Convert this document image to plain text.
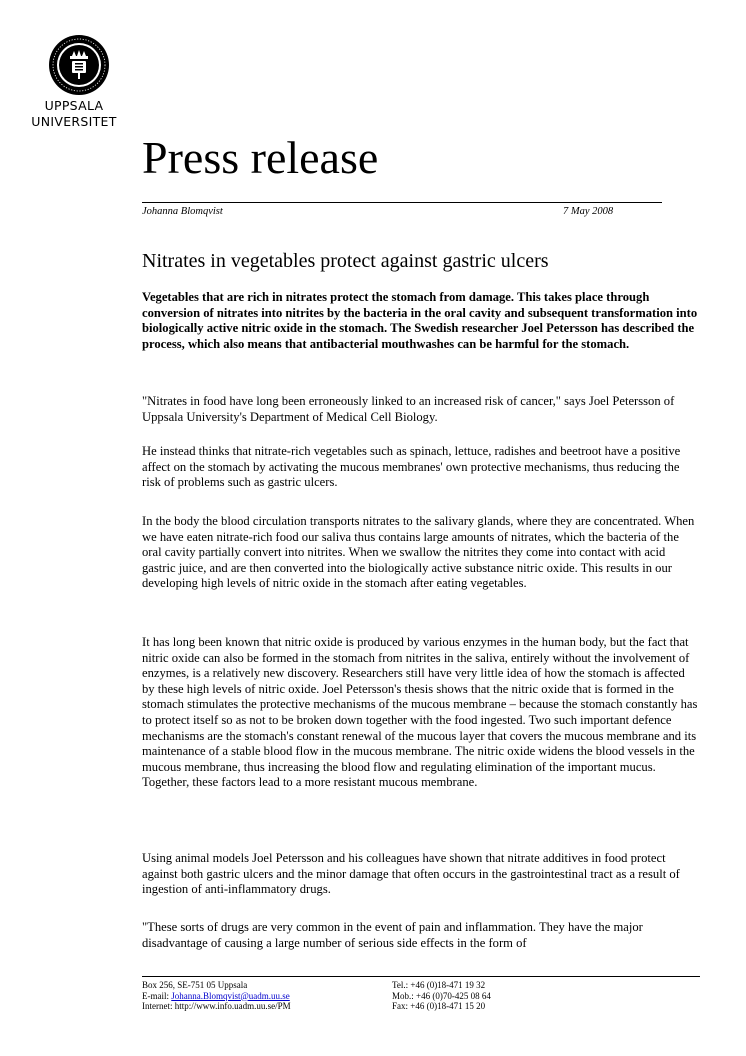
UPPSALA
UNIVERSITET
Press release
Johanna Blomqvist	7 May 2008
Nitrates in vegetables protect against gastric ulcers

Vegetables that are rich in nitrates protect the stomach from damage. This takes place through conversion of nitrates into nitrites by the bacteria in the oral cavity and subsequent transformation into biologically active nitric oxide in the stomach. The Swedish researcher Joel Petersson has described the process, which also means that antibacterial mouthwashes can be harmful for the stomach.

"Nitrates in food have long been erroneously linked to an increased risk of cancer," says Joel Petersson of Uppsala University's Department of Medical Cell Biology.

He instead thinks that nitrate-rich vegetables such as spinach, lettuce, radishes and beetroot have a positive affect on the stomach by activating the mucous membranes' own protective mechanisms, thus reducing the risk of problems such as gastric ulcers.

In the body the blood circulation transports nitrates to the salivary glands, where they are concentrated. When we have eaten nitrate-rich food our saliva thus contains large amounts of nitrates, which the bacteria of the oral cavity partially convert into nitrites. When we swallow the nitrites they come into contact with acid gastric juice, and are then converted into the biologically active substance nitric oxide. This results in our developing high levels of nitric oxide in the stomach after eating vegetables.

It has long been known that nitric oxide is produced by various enzymes in the human body, but the fact that nitric oxide can also be formed in the stomach from nitrites in the saliva, entirely without the involvement of enzymes, is a relatively new discovery. Researchers still have very little idea of how the stomach is affected by these high levels of nitric oxide. Joel Petersson's thesis shows that the nitric oxide that is formed in the stomach stimulates the protective mechanisms of the mucous membrane – because the stomach constantly has to protect itself so as not to be broken down together with the food ingested. Two such important defence mechanisms are the stomach's constant renewal of the mucous layer that covers the mucous membrane and its maintenance of a stable blood flow in the mucous membrane. The nitric oxide widens the blood vessels in the mucous membrane, thus increasing the blood flow and regulating elimination of the important mucus. Together, these factors lead to a more resistant mucous membrane.

Using animal models Joel Petersson and his colleagues have shown that nitrate additives in food protect against both gastric ulcers and the minor damage that often occurs in the gastrointestinal tract as a result of ingestion of anti-inflammatory drugs.

"These sorts of drugs are very common in the event of pain and inflammation. They have the major disadvantage of causing a large number of serious side effects in the form of

Box 256, SE-751 05 Uppsala
E-mail: Johanna.Blomqvist@uadm.uu.se
Internet: http://www.info.uadm.uu.se/PM
Tel.: +46 (0)18-471 19 32
Mob.: +46 (0)70-425 08 64
Fax: +46 (0)18-471 15 20
